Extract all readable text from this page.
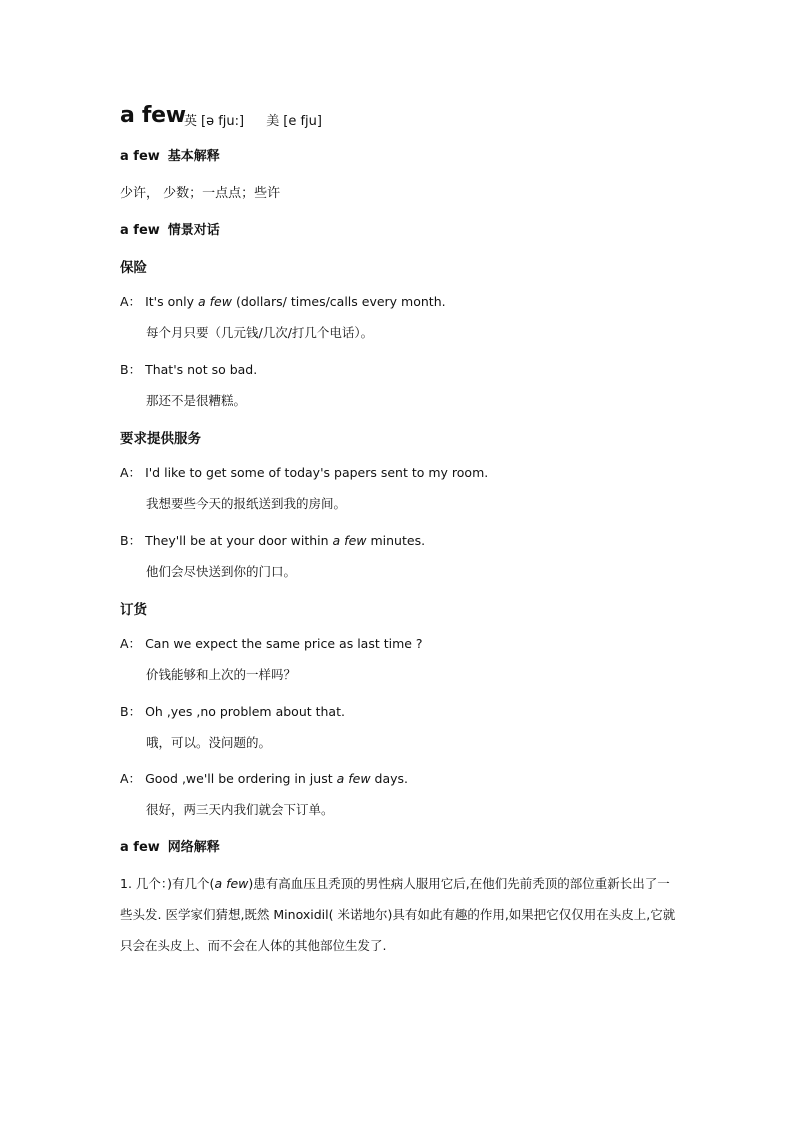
a few
英 [ə fju:] 美 [e fju]
a few 基本解释
少许， 少数；一点点；些许
a few 情景对话
保险
A： It's only a few (dollars/ times/calls every month.
每个月只要（几元钱/几次/打几个电话）。
B： That's not so bad.
那还不是很糟糕。
要求提供服务
A： I'd like to get some of today's papers sent to my room.
我想要些今天的报纸送到我的房间。
B： They'll be at your door within a few minutes.
他们会尽快送到你的门口。
订货
A： Can we expect the same price as last time ?
价钱能够和上次的一样吗？
B： Oh ,yes ,no problem about that.
哦，可以。没问题的。
A： Good ,we'll be ordering in just a few days.
很好，两三天内我们就会下订单。
a few 网络解释
1. 几个：)有几个(a few)患有高血压且秃顶的男性病人服用它后,在他们先前秃顶的部位重新长出了一些头发. 医学家们猜想,既然 Minoxidil( 米诺地尔)具有如此有趣的作用,如果把它仅仅用在头皮上,它就只会在头皮上、而不会在人体的其他部位生发了.
